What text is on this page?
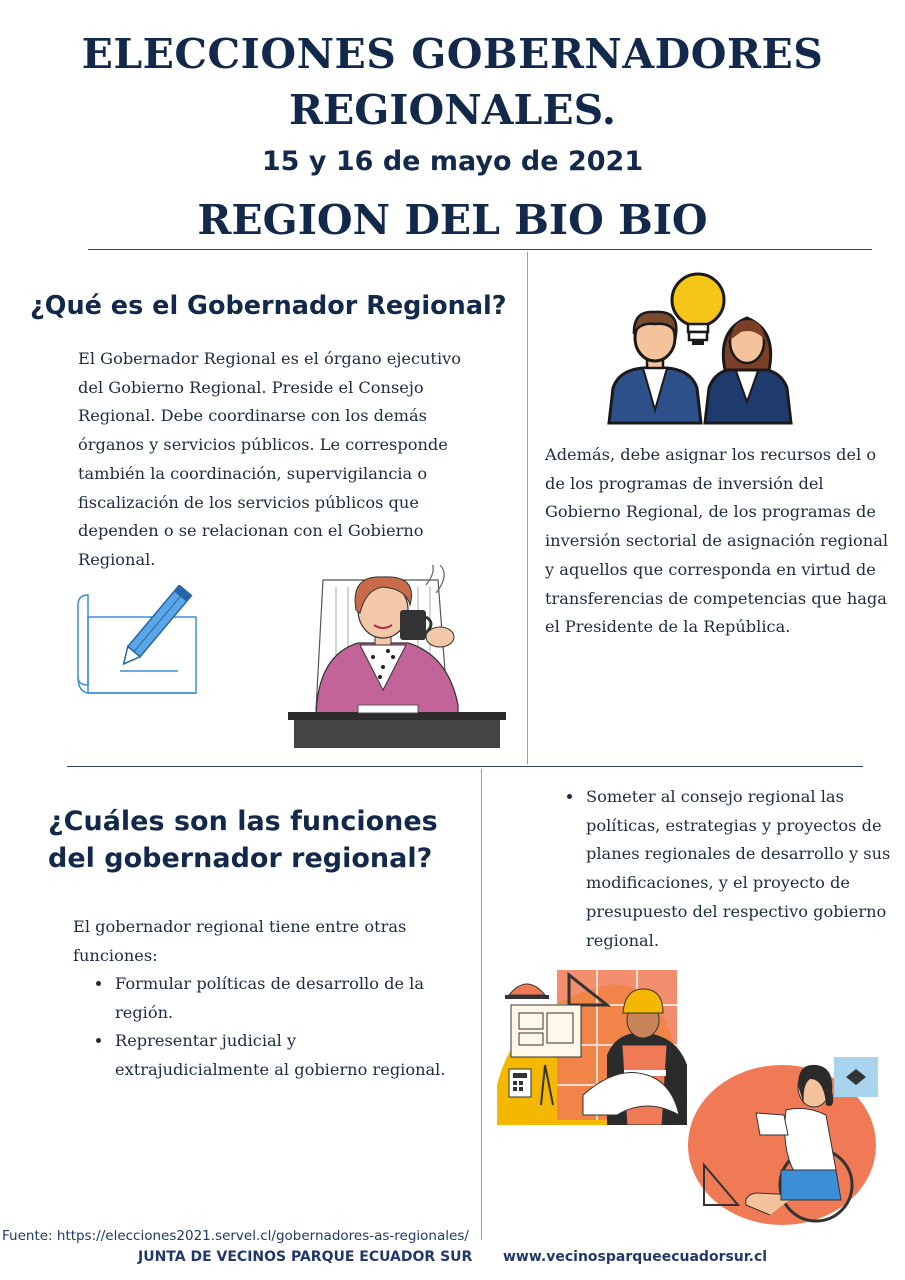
ELECCIONES GOBERNADORES
REGIONALES.
15 y 16 de mayo de 2021
REGION DEL BIO BIO
¿Qué es el Gobernador Regional?
El Gobernador Regional es el órgano ejecutivo del Gobierno Regional. Preside el Consejo Regional. Debe coordinarse con los demás órganos y servicios públicos. Le corresponde también la coordinación, supervigilancia o fiscalización de los servicios públicos que dependen o se relacionan con el Gobierno Regional.
Además, debe asignar los recursos del o de los programas de inversión del Gobierno Regional, de los programas de inversión sectorial de asignación regional y aquellos que corresponda en virtud de transferencias de competencias que haga el Presidente de la República.
¿Cuáles son las funciones
del gobernador regional?
El gobernador regional tiene entre otras funciones:
• Formular políticas de desarrollo de la región.
• Representar judicial y extrajudicialmente al gobierno regional.
• Someter al consejo regional las políticas, estrategias y proyectos de planes regionales de desarrollo y sus modificaciones, y el proyecto de presupuesto del respectivo gobierno regional.
Fuente: https://elecciones2021.servel.cl/gobernadores-as-regionales/
JUNTA DE VECINOS PARQUE ECUADOR SUR www.vecinosparqueecuadorsur.cl
